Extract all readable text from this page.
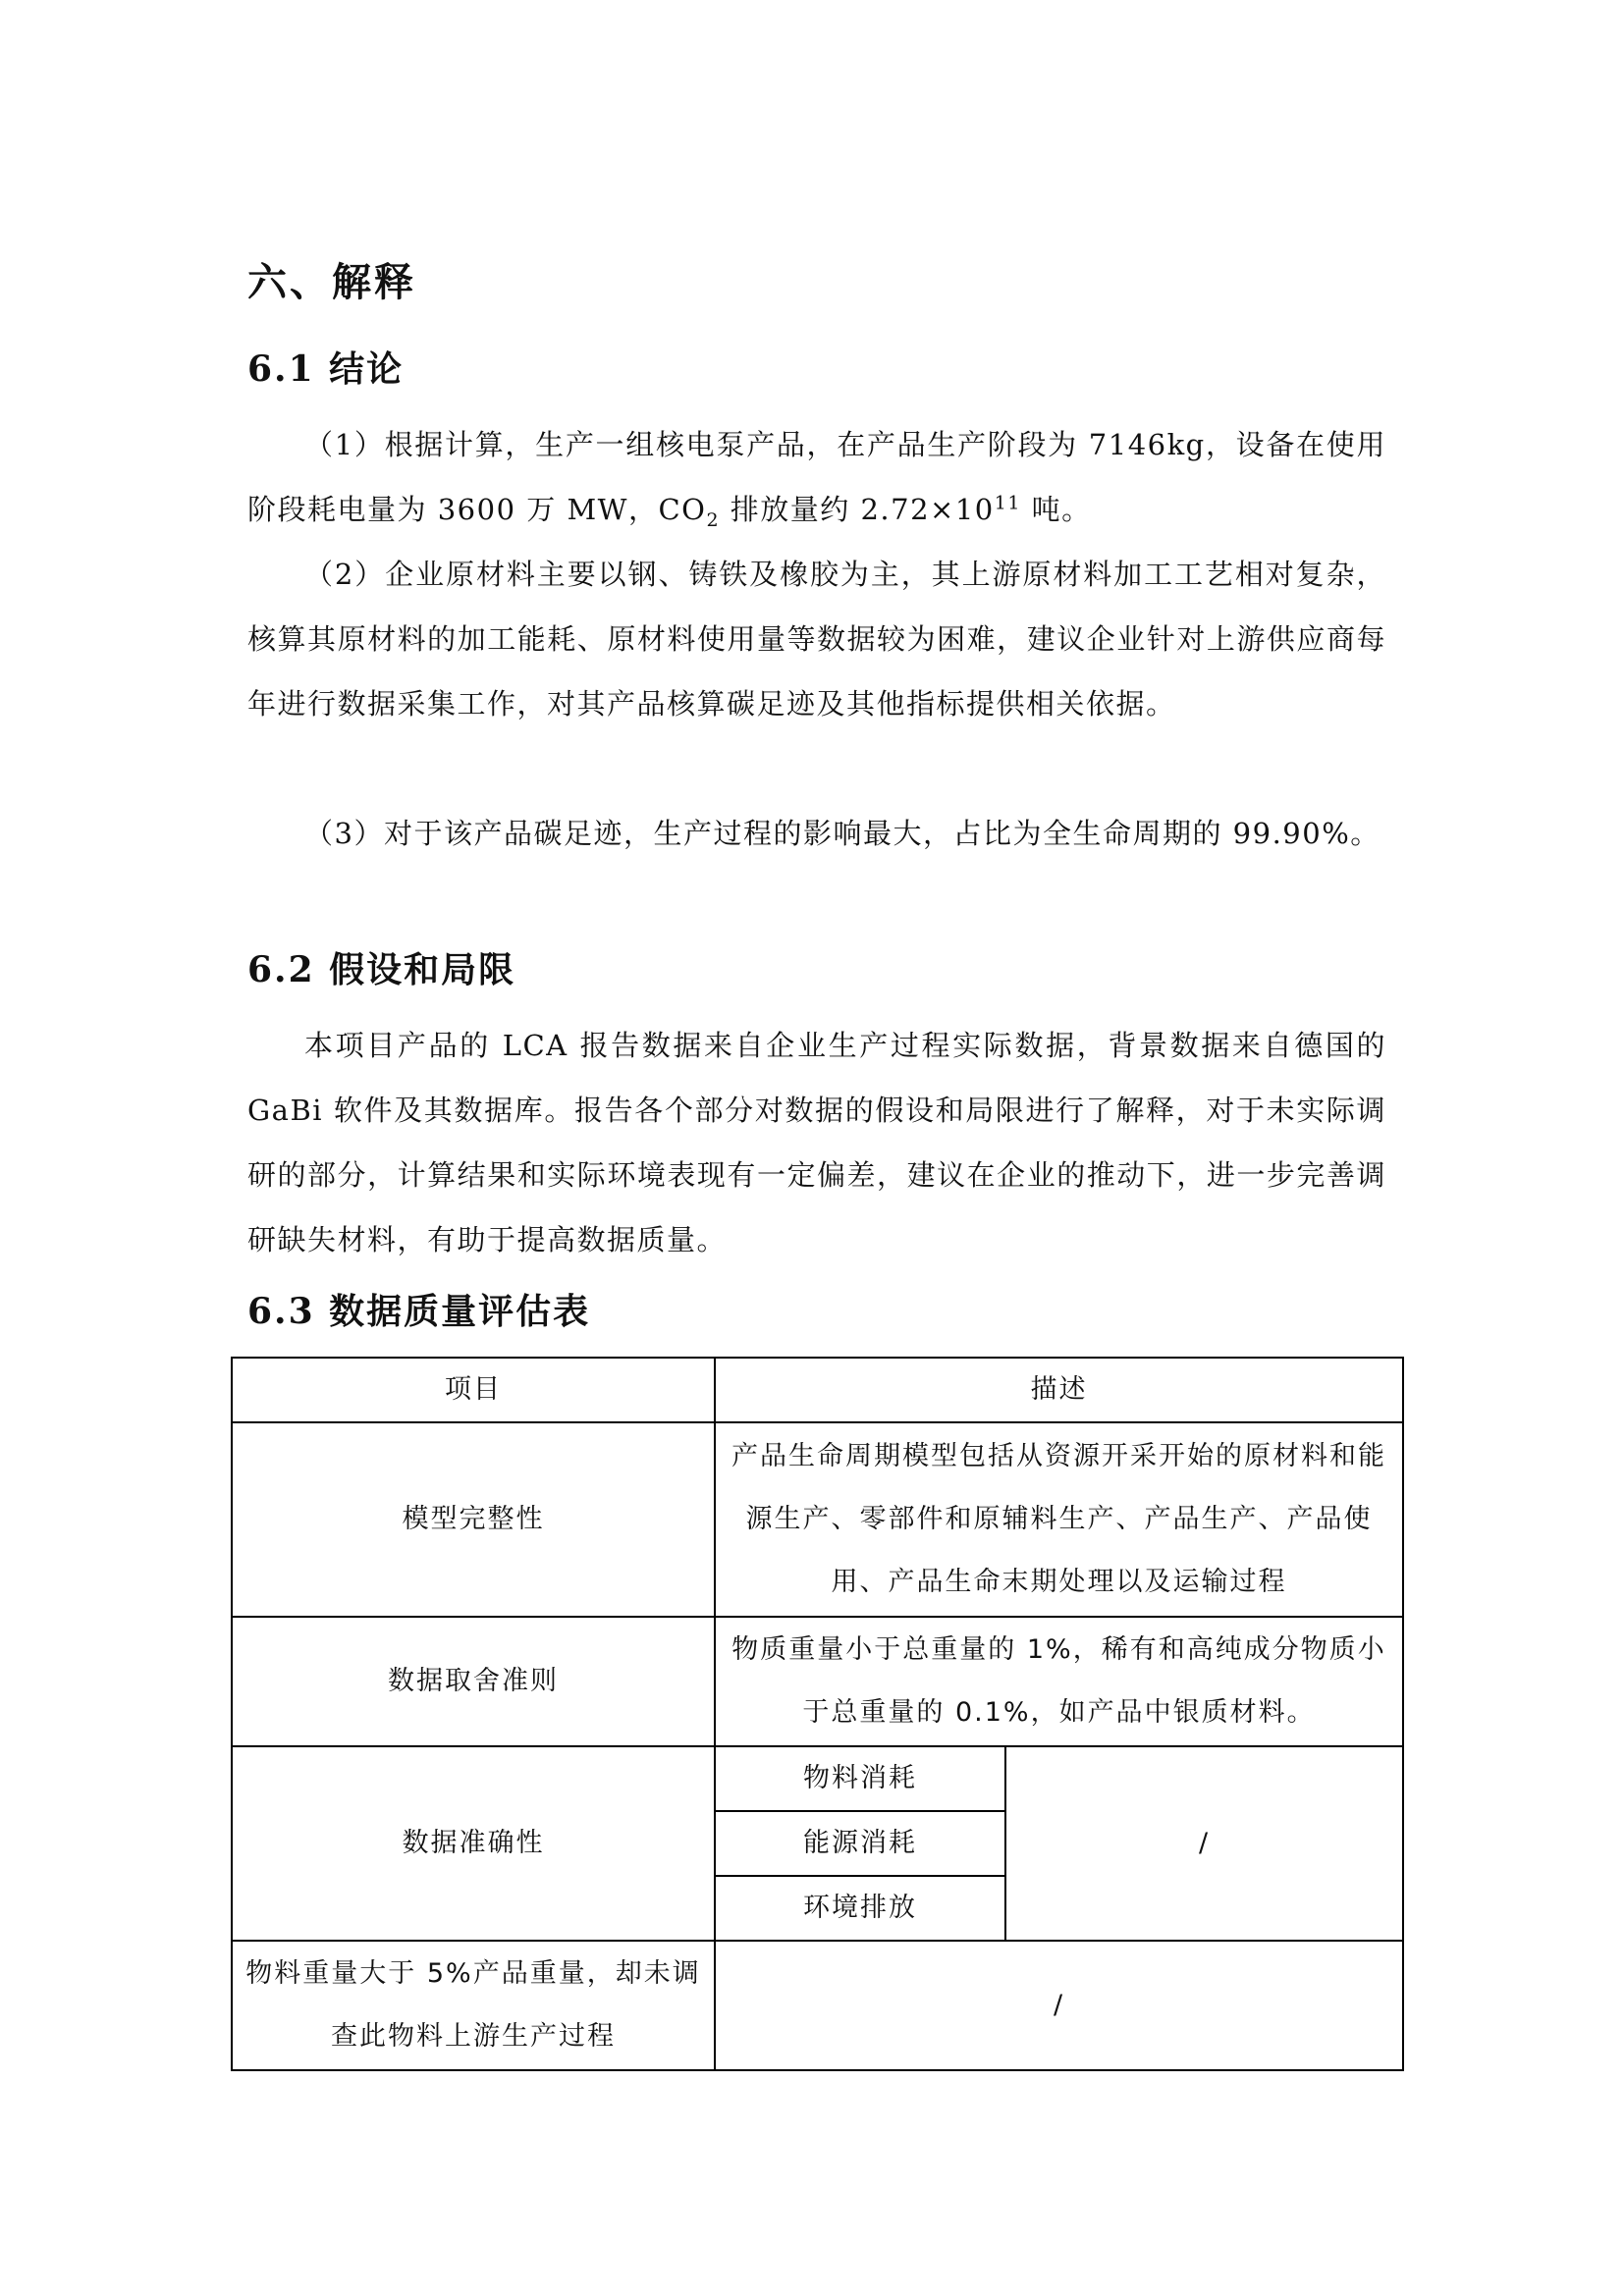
六、解释
6.1 结论

（1）根据计算，生产一组核电泵产品，在产品生产阶段为 7146kg，设备在使用阶段耗电量为 3600 万 MW，$CO_2$ 排放量约 $2.72\times 10^{11}$ 吨。

（2）企业原材料主要以钢、铸铁及橡胶为主，其上游原材料加工工艺相对复杂，核算其原材料的加工能耗、原材料使用量等数据较为困难，建议企业针对上游供应商每年进行数据采集工作，对其产品核算碳足迹及其他指标提供相关依据。

（3）对于该产品碳足迹，生产过程的影响最大，占比为全生命周期的 99.90%。

6.2 假设和局限

本项目产品的 LCA 报告数据来自企业生产过程实际数据，背景数据来自德国的 GaBi 软件及其数据库。报告各个部分对数据的假设和局限进行了解释，对于未实际调研的部分，计算结果和实际环境表现有一定偏差，建议在企业的推动下，进一步完善调研缺失材料，有助于提高数据质量。

6.3 数据质量评估表
项目	描述	
模型完整性	产品生命周期模型包括从资源开采开始的原材料和能源生产、零部件和原辅料生产、产品生产、产品使用、产品生命末期处理以及运输过程	
数据取舍准则	物质重量小于总重量的 1%，稀有和高纯成分物质小于总重量的 0.1%，如产品中银质材料。	
数据准确性	物料消耗	/
	能源消耗	
	环境排放	
物料重量大于 5%产品重量，却未调查此物料上游生产过程	/	
